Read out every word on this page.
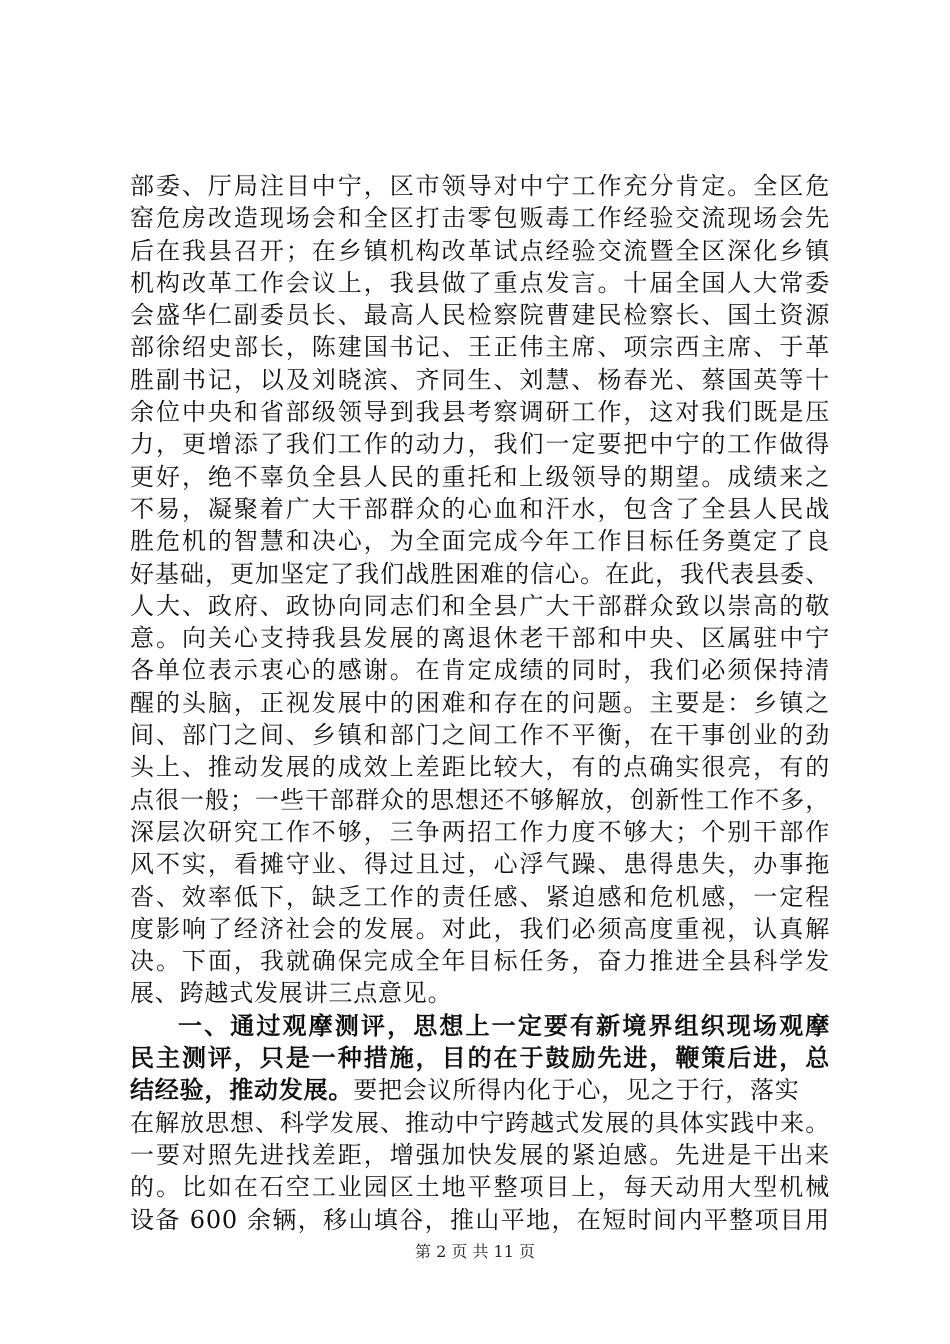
部委、厅局注目中宁，区市领导对中宁工作充分肯定。全区危
窑危房改造现场会和全区打击零包贩毒工作经验交流现场会先
后在我县召开；在乡镇机构改革试点经验交流暨全区深化乡镇
机构改革工作会议上，我县做了重点发言。十届全国人大常委
会盛华仁副委员长、最高人民检察院曹建民检察长、国土资源
部徐绍史部长，陈建国书记、王正伟主席、项宗西主席、于革
胜副书记，以及刘晓滨、齐同生、刘慧、杨春光、蔡国英等十
余位中央和省部级领导到我县考察调研工作，这对我们既是压
力，更增添了我们工作的动力，我们一定要把中宁的工作做得
更好，绝不辜负全县人民的重托和上级领导的期望。成绩来之
不易，凝聚着广大干部群众的心血和汗水，包含了全县人民战
胜危机的智慧和决心，为全面完成今年工作目标任务奠定了良
好基础，更加坚定了我们战胜困难的信心。在此，我代表县委、
人大、政府、政协向同志们和全县广大干部群众致以崇高的敬
意。向关心支持我县发展的离退休老干部和中央、区属驻中宁
各单位表示衷心的感谢。在肯定成绩的同时，我们必须保持清
醒的头脑，正视发展中的困难和存在的问题。主要是：乡镇之
间、部门之间、乡镇和部门之间工作不平衡，在干事创业的劲
头上、推动发展的成效上差距比较大，有的点确实很亮，有的
点很一般；一些干部群众的思想还不够解放，创新性工作不多，
深层次研究工作不够，三争两招工作力度不够大；个别干部作
风不实，看摊守业、得过且过，心浮气躁、患得患失，办事拖
沓、效率低下，缺乏工作的责任感、紧迫感和危机感，一定程
度影响了经济社会的发展。对此，我们必须高度重视，认真解
决。下面，我就确保完成全年目标任务，奋力推进全县科学发
展、跨越式发展讲三点意见。
一、通过观摩测评，思想上一定要有新境界组织现场观摩
民主测评，只是一种措施，目的在于鼓励先进，鞭策后进，总
结经验，推动发展。要把会议所得内化于心，见之于行，落实
在解放思想、科学发展、推动中宁跨越式发展的具体实践中来。
一要对照先进找差距，增强加快发展的紧迫感。先进是干出来
的。比如在石空工业园区土地平整项目上，每天动用大型机械
设备 600 余辆，移山填谷，推山平地，在短时间内平整项目用
第 2 页 共 11 页
